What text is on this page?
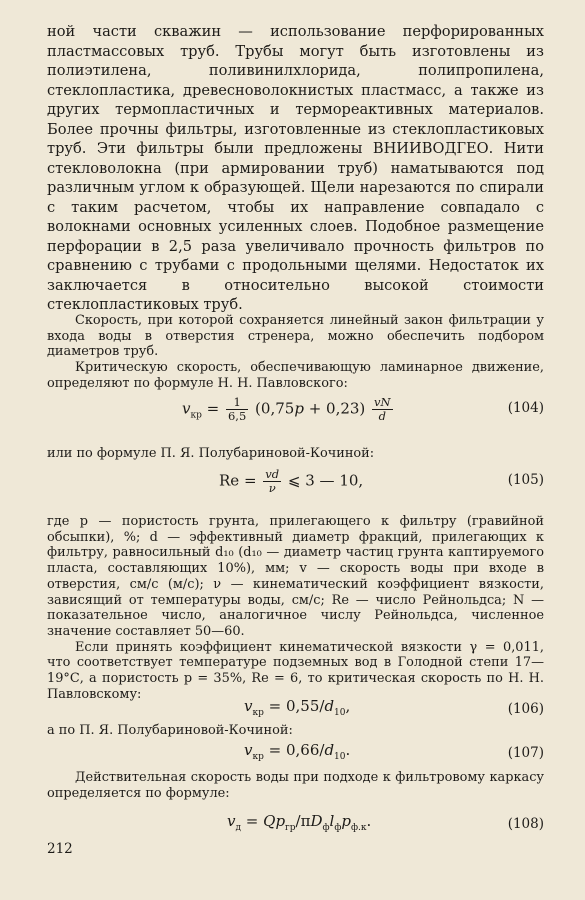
ной части скважин — использование перфорированных пластмассовых труб. Трубы могут быть изготовлены из полиэтилена, поливинилхлорида, полипропилена, стеклопластика, древесноволокнистых пластмасс, а также из других термопластичных и термореактивных материалов. Более прочны фильтры, изготовленные из стеклопластиковых труб. Эти фильтры были предложены ВНИИВОДГЕО. Нити стекловолокна (при армировании труб) наматываются под различным углом к образующей. Щели нарезаются по спирали с таким расчетом, чтобы их направление совпадало с волокнами основных усиленных слоев. Подобное размещение перфорации в 2,5 раза увеличивало прочность фильтров по сравнению с трубами с продольными щелями. Недостаток их заключается в относительно высокой стоимости стеклопластиковых труб.

Скорость, при которой сохраняется линейный закон фильтрации у входа воды в отверстия стренера, можно обеспечить подбором диаметров труб.

Критическую скорость, обеспечивающую ламинарное движение, определяют по формуле Н. Н. Павловского:

$v_{кр} = \frac{1}{6,5} (0,75p + 0,23) \frac{vN}{d}$	(104)

или по формуле П. Я. Полубариновой-Кочиной:

$Re = \frac{vd}{\nu}$ ⩽ 3 — 10,	(105)

где p — пористость грунта, прилегающего к фильтру (гравийной обсыпки), %; d — эффективный диаметр фракций, прилегающих к фильтру, равносильный d₁₀ (d₁₀ — диаметр частиц грунта каптируемого пласта, составляющих 10%), мм; v — скорость воды при входе в отверстия, см/с (м/с); ν — кинематический коэффициент вязкости, зависящий от температуры воды, см/с; Re — число Рейнольдса; N — показательное число, аналогичное числу Рейнольдса, численное значение составляет 50—60.

Если принять коэффициент кинематической вязкости γ = 0,011, что соответствует температуре подземных вод в Голодной степи 17—19°С, а пористость p = 35%, Re = 6, то критическая скорость по Н. Н. Павловскому:

$v_{кр} = 0,55/d_{10}$,	(106)

а по П. Я. Полубариновой-Кочиной:

$v_{кр} = 0,66/d_{10}$.	(107)

Действительная скорость воды при подходе к фильтровому каркасу определяется по формуле:

$v_д = Qp_{гр}/\pi D_фl_фp_{ф.к}$.	(108)
212
